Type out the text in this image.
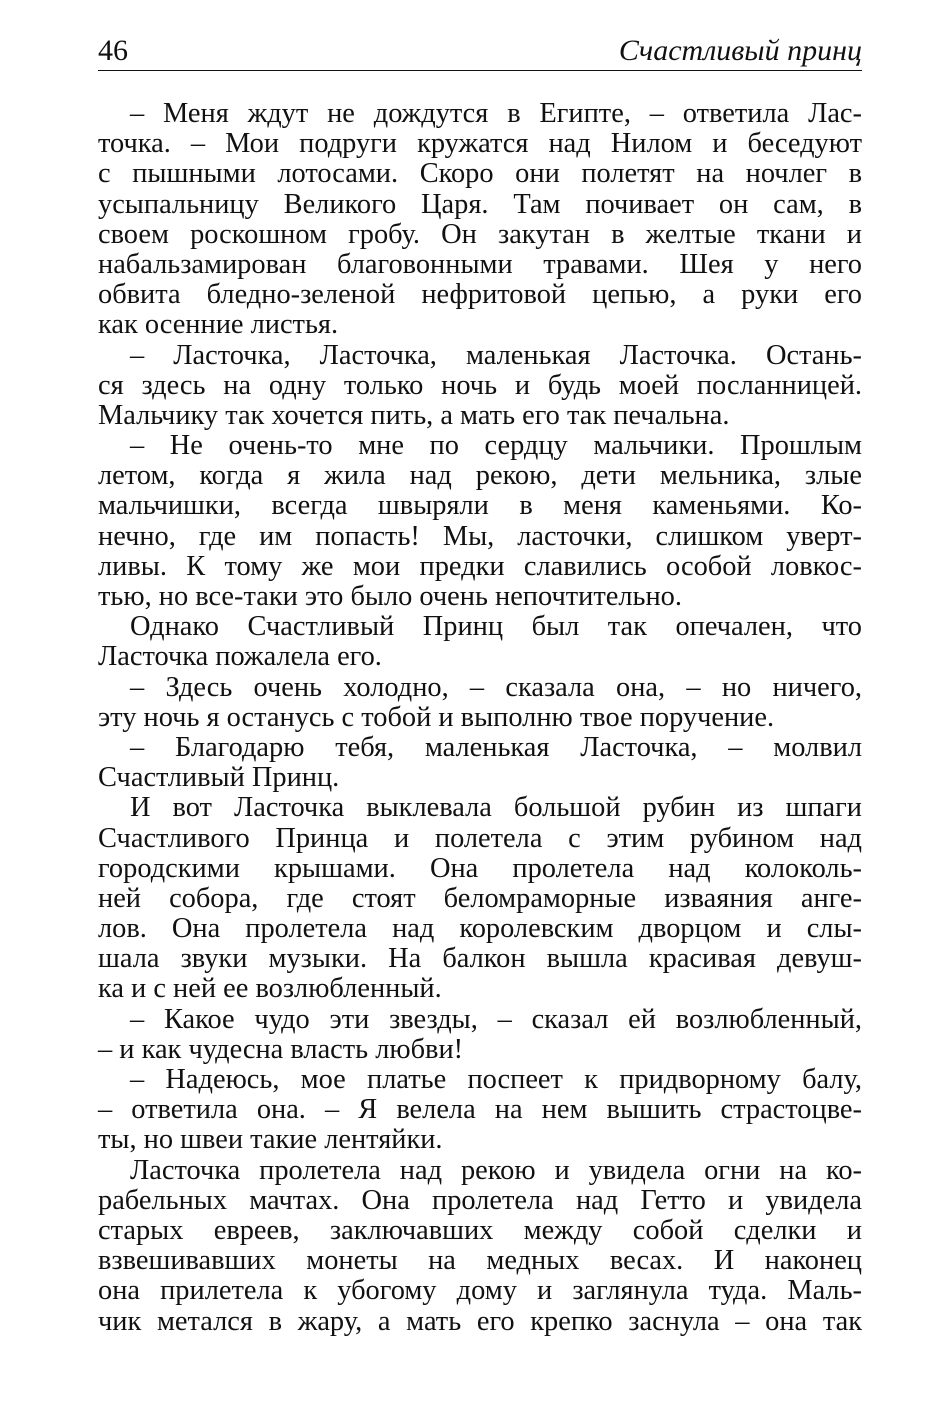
46	Счастливый принц

– Меня ждут не дождутся в Египте, – ответила Лас-
точка. – Мои подруги кружатся над Нилом и беседуют
с пышными лотосами. Скоро они полетят на ночлег в
усыпальницу Великого Царя. Там почивает он сам, в
своем роскошном гробу. Он закутан в желтые ткани и
набальзамирован благовонными травами. Шея у него
обвита бледно-зеленой нефритовой цепью, а руки его
как осенние листья.

– Ласточка, Ласточка, маленькая Ласточка. Остань-
ся здесь на одну только ночь и будь моей посланницей.
Мальчику так хочется пить, а мать его так печальна.

– Не очень-то мне по сердцу мальчики. Прошлым
летом, когда я жила над рекою, дети мельника, злые
мальчишки, всегда швыряли в меня каменьями. Ко-
нечно, где им попасть! Мы, ласточки, слишком уверт-
ливы. К тому же мои предки славились особой ловкос-
тью, но все-таки это было очень непочтительно.

Однако Счастливый Принц был так опечален, что
Ласточка пожалела его.

– Здесь очень холодно, – сказала она, – но ничего,
эту ночь я останусь с тобой и выполню твое поручение.

– Благодарю тебя, маленькая Ласточка, – молвил
Счастливый Принц.

И вот Ласточка выклевала большой рубин из шпаги
Счастливого Принца и полетела с этим рубином над
городскими крышами. Она пролетела над колоколь-
ней собора, где стоят беломраморные изваяния анге-
лов. Она пролетела над королевским дворцом и слы-
шала звуки музыки. На балкон вышла красивая девуш-
ка и с ней ее возлюбленный.

– Какое чудо эти звезды, – сказал ей возлюбленный,
– и как чудесна власть любви!

– Надеюсь, мое платье поспеет к придворному балу,
– ответила она. – Я велела на нем вышить страстоцве-
ты, но швеи такие лентяйки.

Ласточка пролетела над рекою и увидела огни на ко-
рабельных мачтах. Она пролетела над Гетто и увидела
старых евреев, заключавших между собой сделки и
взвешивавших монеты на медных весах. И наконец
она прилетела к убогому дому и заглянула туда. Маль-
чик метался в жару, а мать его крепко заснула – она так
